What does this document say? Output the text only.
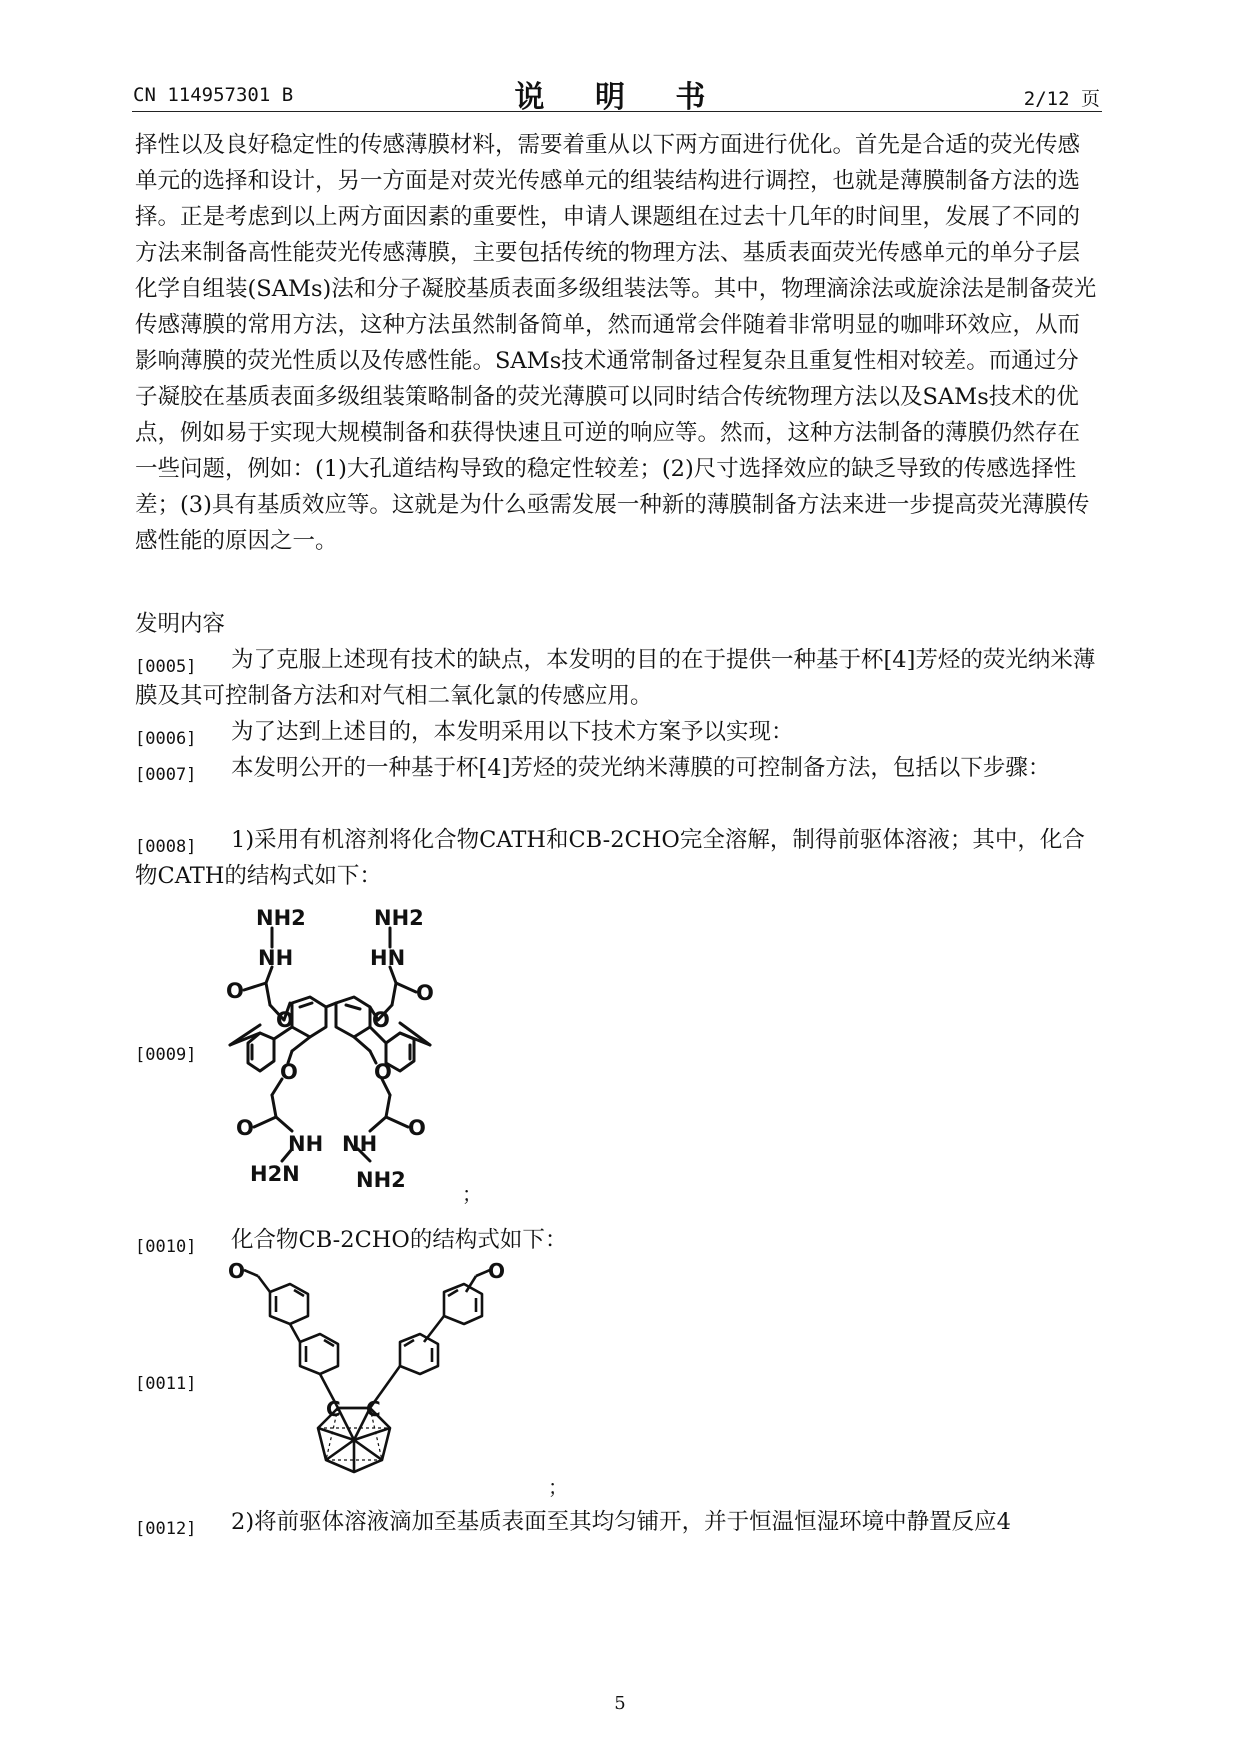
CN 114957301 B	说 明 书	2/12 页
择性以及良好稳定性的传感薄膜材料，需要着重从以下两方面进行优化。首先是合适的荧光传感单元的选择和设计，另一方面是对荧光传感单元的组装结构进行调控，也就是薄膜制备方法的选择。正是考虑到以上两方面因素的重要性，申请人课题组在过去十几年的时间里，发展了不同的方法来制备高性能荧光传感薄膜，主要包括传统的物理方法、基质表面荧光传感单元的单分子层化学自组装(SAMs)法和分子凝胶基质表面多级组装法等。其中，物理滴涂法或旋涂法是制备荧光传感薄膜的常用方法，这种方法虽然制备简单，然而通常会伴随着非常明显的咖啡环效应，从而影响薄膜的荧光性质以及传感性能。SAMs技术通常制备过程复杂且重复性相对较差。而通过分子凝胶在基质表面多级组装策略制备的荧光薄膜可以同时结合传统物理方法以及SAMs技术的优点，例如易于实现大规模制备和获得快速且可逆的响应等。然而，这种方法制备的薄膜仍然存在一些问题，例如：(1)大孔道结构导致的稳定性较差；(2)尺寸选择效应的缺乏导致的传感选择性差；(3)具有基质效应等。这就是为什么亟需发展一种新的薄膜制备方法来进一步提高荧光薄膜传感性能的原因之一。
发明内容
[0005]	为了克服上述现有技术的缺点，本发明的目的在于提供一种基于杯[4]芳烃的荧光纳米薄膜及其可控制备方法和对气相二氧化氯的传感应用。
[0006]	为了达到上述目的，本发明采用以下技术方案予以实现：
[0007]	本发明公开的一种基于杯[4]芳烃的荧光纳米薄膜的可控制备方法，包括以下步骤：
[0008]	1)采用有机溶剂将化合物CATH和CB-2CHO完全溶解，制得前驱体溶液；其中，化合物CATH的结构式如下：
[0009]
NH2
NH
O
O
NH2
HN
O
O
O	O
O	O
NH NH
H2N	NH2
；
[0010]	化合物CB-2CHO的结构式如下：
[0011]
O	O
C C
；
[0012]	2)将前驱体溶液滴加至基质表面至其均匀铺开，并于恒温恒湿环境中静置反应4
5
